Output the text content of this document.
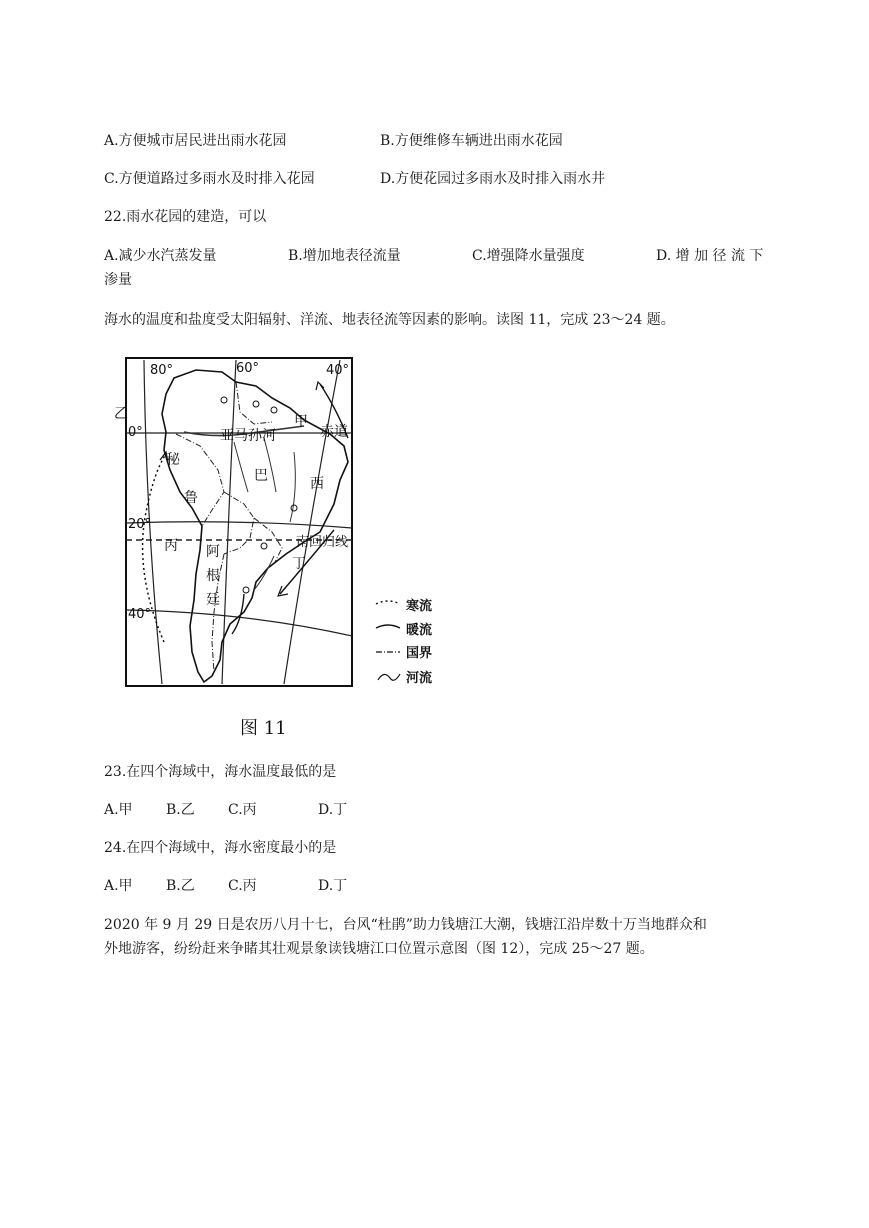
A.方便城市居民进出雨水花园	B.方便维修车辆进出雨水花园
C.方便道路过多雨水及时排入花园	D.方便花园过多雨水及时排入雨水井
22.雨水花园的建造，可以
A.减少水汽蒸发量	B.增加地表径流量	C.增强降水量强度	D. 增 加 径 流 下
渗量
海水的温度和盐度受太阳辐射、洋流、地表径流等因素的影响。读图 11，完成 23～24 题。
80°	60°	40°
0°
20°
40°
赤道
南回归线
亚马孙河
甲
乙
丙
丁
秘
鲁
巴	西
阿
根
廷	寒流
暖流
国界
河流
图 11
23.在四个海域中，海水温度最低的是
A.甲 B.乙 C.丙	D.丁
24.在四个海域中，海水密度最小的是
A.甲 B.乙 C.丙	D.丁
2020 年 9 月 29 日是农历八月十七，台风“杜鹃”助力钱塘江大潮，钱塘江沿岸数十万当地群众和
外地游客，纷纷赶来争睹其壮观景象读钱塘江口位置示意图（图 12），完成 25～27 题。
